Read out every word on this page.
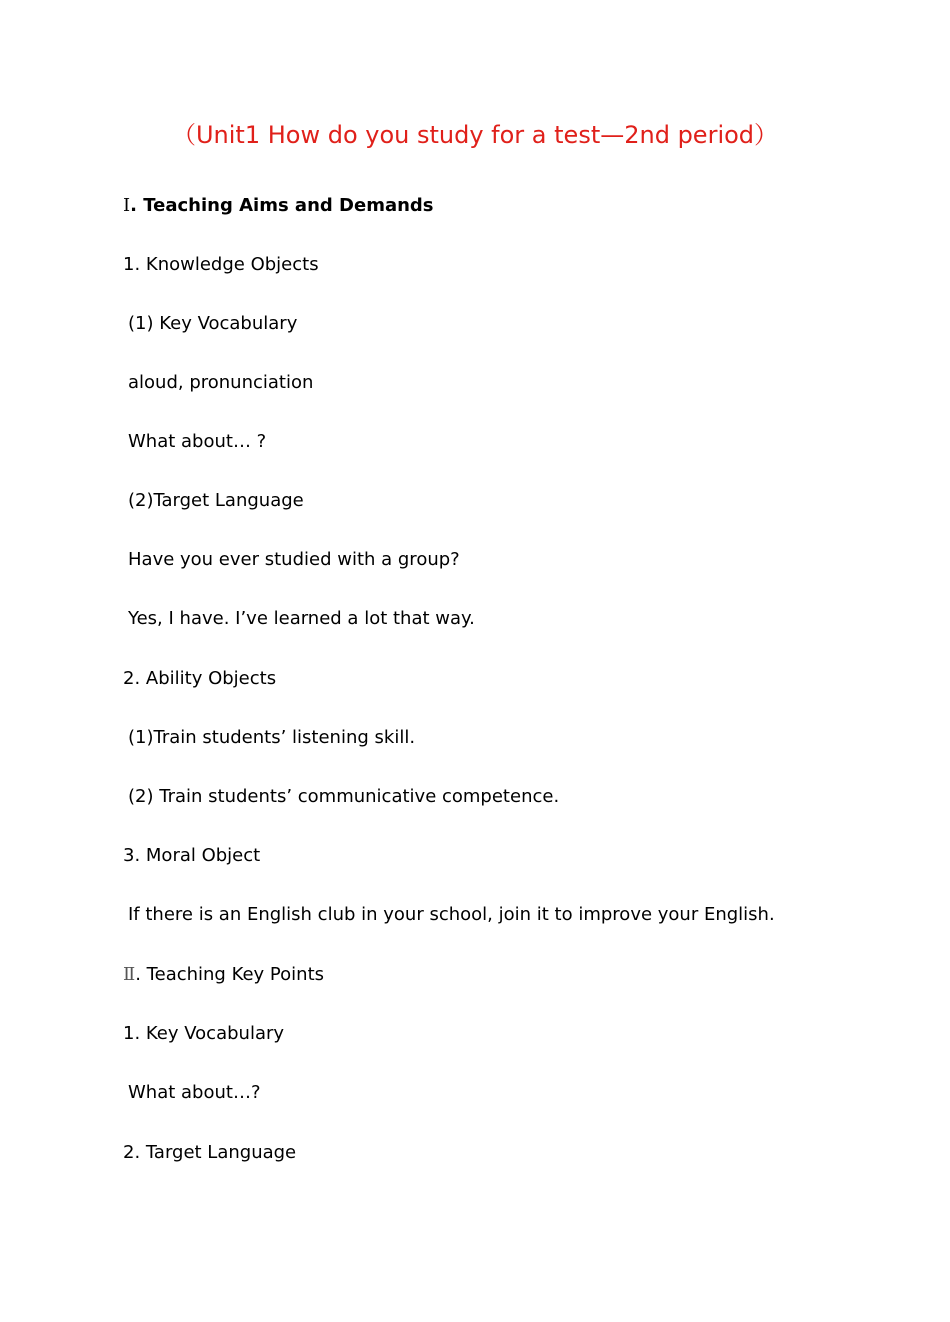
（Unit1 How do you study for a test—2nd period）
Ⅰ. Teaching Aims and Demands
1. Knowledge Objects
(1) Key Vocabulary
aloud, pronunciation
What about… ?
(2)Target Language
Have you ever studied with a group?
Yes, I have. I’ve learned a lot that way.
2. Ability Objects
(1)Train students’ listening skill.
(2) Train students’ communicative competence.
3. Moral Object
If there is an English club in your school, join it to improve your English.
Ⅱ. Teaching Key Points
1. Key Vocabulary
What about…?
2. Target Language
